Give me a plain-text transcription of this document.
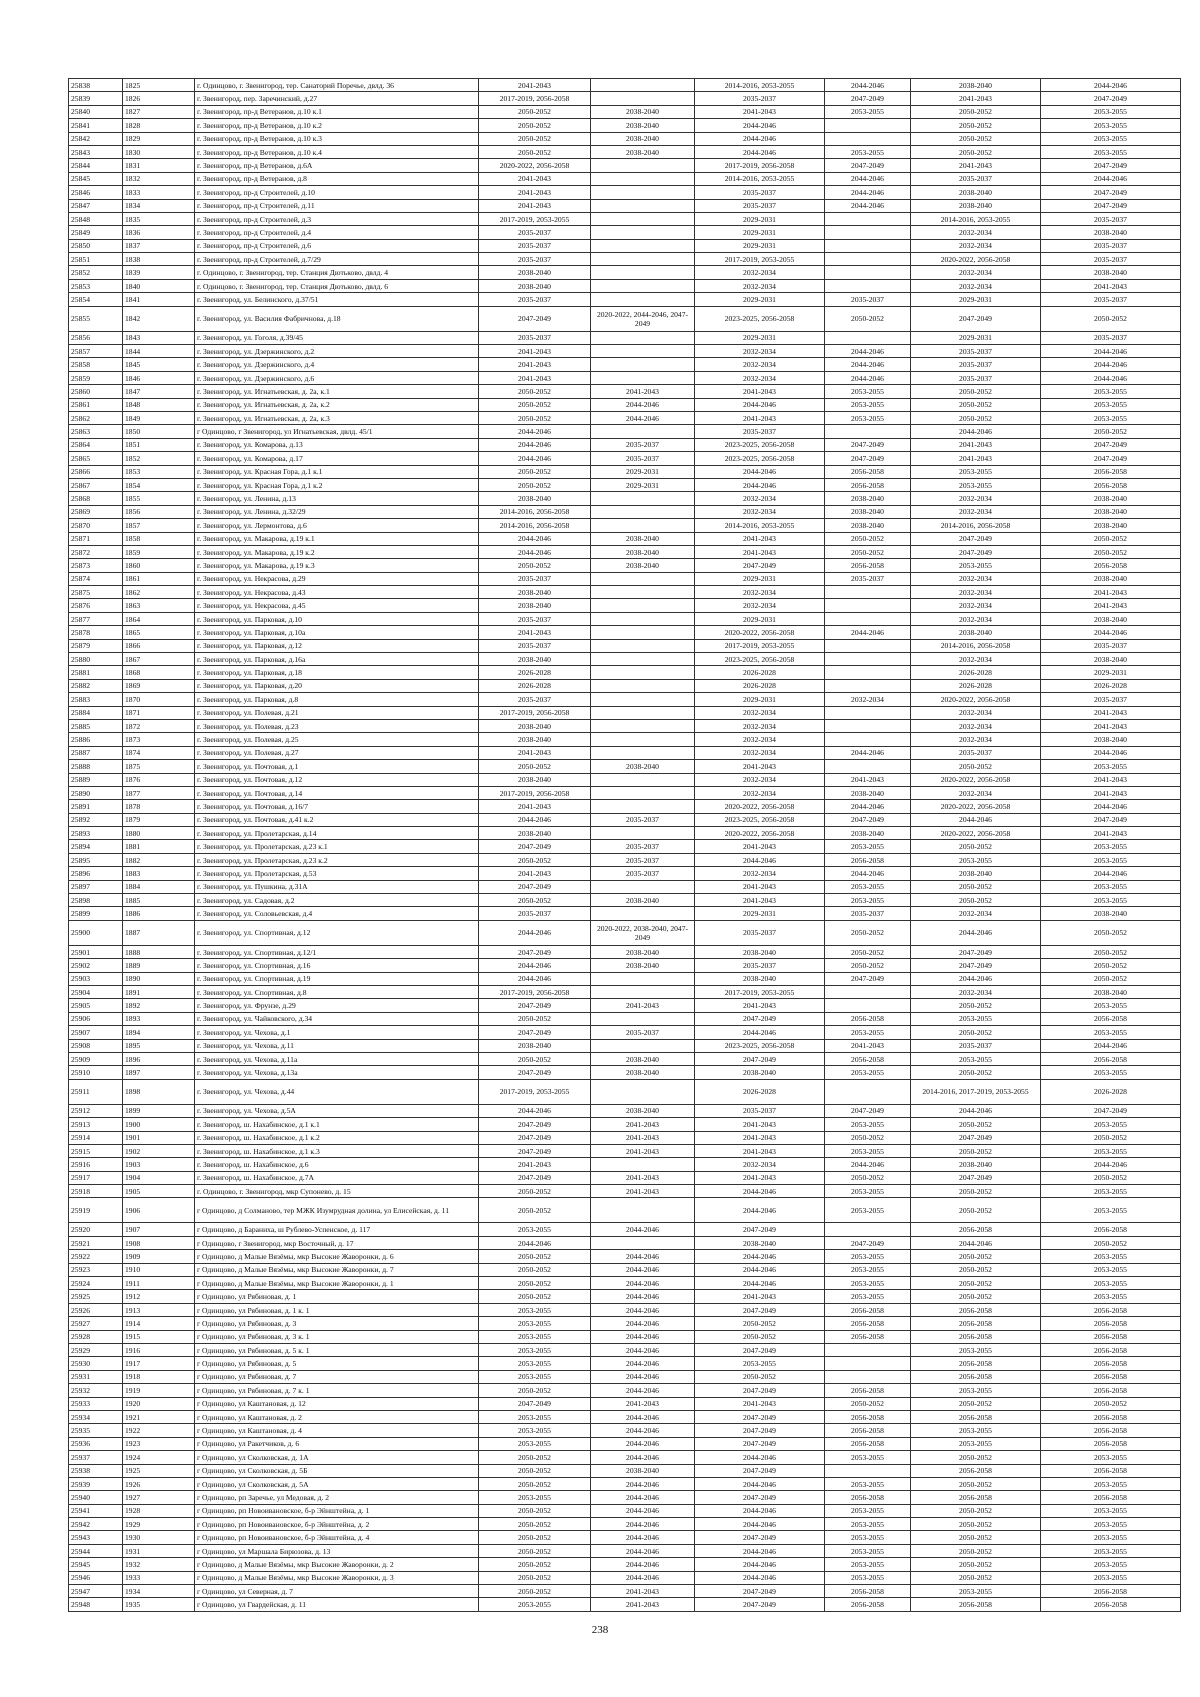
25838	1825	г. Одинцово, г. Звенигород, тер. Санаторий Поречье, двлд. 36	2041-2043		2014-2016, 2053-2055	2044-2046	2038-2040	2044-2046
25839	1826	г. Звенигород, пер. Заречинский, д.27	2017-2019, 2056-2058		2035-2037	2047-2049	2041-2043	2047-2049
25840	1827	г. Звенигород, пр-д Ветеранов, д.10 к.1	2050-2052	2038-2040	2041-2043	2053-2055	2050-2052	2053-2055
25841	1828	г. Звенигород, пр-д Ветеранов, д.10 к.2	2050-2052	2038-2040	2044-2046		2050-2052	2053-2055
25842	1829	г. Звенигород, пр-д Ветеранов, д.10 к.3	2050-2052	2038-2040	2044-2046		2050-2052	2053-2055
25843	1830	г. Звенигород, пр-д Ветеранов, д.10 к.4	2050-2052	2038-2040	2044-2046	2053-2055	2050-2052	2053-2055
25844	1831	г. Звенигород, пр-д Ветеранов, д.6А	2020-2022, 2056-2058		2017-2019, 2056-2058	2047-2049	2041-2043	2047-2049
25845	1832	г. Звенигород, пр-д Ветеранов, д.8	2041-2043		2014-2016, 2053-2055	2044-2046	2035-2037	2044-2046
25846	1833	г. Звенигород, пр-д Строителей, д.10	2041-2043		2035-2037	2044-2046	2038-2040	2047-2049
25847	1834	г. Звенигород, пр-д Строителей, д.11	2041-2043		2035-2037	2044-2046	2038-2040	2047-2049
25848	1835	г. Звенигород, пр-д Строителей, д.3	2017-2019, 2053-2055		2029-2031		2014-2016, 2053-2055	2035-2037
25849	1836	г. Звенигород, пр-д Строителей, д.4	2035-2037		2029-2031		2032-2034	2038-2040
25850	1837	г. Звенигород, пр-д Строителей, д.6	2035-2037		2029-2031		2032-2034	2035-2037
25851	1838	г. Звенигород, пр-д Строителей, д.7/29	2035-2037		2017-2019, 2053-2055		2020-2022, 2056-2058	2035-2037
25852	1839	г. Одинцово, г. Звенигород, тер. Станция Дютьково, двлд. 4	2038-2040		2032-2034		2032-2034	2038-2040
25853	1840	г. Одинцово, г. Звенигород, тер. Станция Дютьково, двлд. 6	2038-2040		2032-2034		2032-2034	2041-2043
25854	1841	г. Звенигород, ул. Белинского, д.37/51	2035-2037		2029-2031	2035-2037	2029-2031	2035-2037
25855	1842	г. Звенигород, ул. Василия Фабричнова, д.18	2047-2049	2020-2022, 2044-2046, 2047-2049	2023-2025, 2056-2058	2050-2052	2047-2049	2050-2052
25856	1843	г. Звенигород, ул. Гоголя, д.39/45	2035-2037		2029-2031		2029-2031	2035-2037
25857	1844	г. Звенигород, ул. Дзержинского, д.2	2041-2043		2032-2034	2044-2046	2035-2037	2044-2046
25858	1845	г. Звенигород, ул. Дзержинского, д.4	2041-2043		2032-2034	2044-2046	2035-2037	2044-2046
25859	1846	г. Звенигород, ул. Дзержинского, д.6	2041-2043		2032-2034	2044-2046	2035-2037	2044-2046
25860	1847	г. Звенигород, ул. Игнатьевская, д. 2а, к.1	2050-2052	2041-2043	2041-2043	2053-2055	2050-2052	2053-2055
25861	1848	г. Звенигород, ул. Игнатьевская, д. 2а, к.2	2050-2052	2044-2046	2044-2046	2053-2055	2050-2052	2053-2055
25862	1849	г. Звенигород, ул. Игнатьевская, д. 2а, к.3	2050-2052	2044-2046	2041-2043	2053-2055	2050-2052	2053-2055
25863	1850	г Одинцово, г Звенигород, ул Игнатьевская, двлд. 45/1	2044-2046		2035-2037		2044-2046	2050-2052
25864	1851	г. Звенигород, ул. Комарова, д.13	2044-2046	2035-2037	2023-2025, 2056-2058	2047-2049	2041-2043	2047-2049
25865	1852	г. Звенигород, ул. Комарова, д.17	2044-2046	2035-2037	2023-2025, 2056-2058	2047-2049	2041-2043	2047-2049
25866	1853	г. Звенигород, ул. Красная Гора, д.1 к.1	2050-2052	2029-2031	2044-2046	2056-2058	2053-2055	2056-2058
25867	1854	г. Звенигород, ул. Красная Гора, д.1 к.2	2050-2052	2029-2031	2044-2046	2056-2058	2053-2055	2056-2058
25868	1855	г. Звенигород, ул. Ленина, д.13	2038-2040		2032-2034	2038-2040	2032-2034	2038-2040
25869	1856	г. Звенигород, ул. Ленина, д.32/29	2014-2016, 2056-2058		2032-2034	2038-2040	2032-2034	2038-2040
25870	1857	г. Звенигород, ул. Лермонтова, д.6	2014-2016, 2056-2058		2014-2016, 2053-2055	2038-2040	2014-2016, 2056-2058	2038-2040
25871	1858	г. Звенигород, ул. Макарова, д.19 к.1	2044-2046	2038-2040	2041-2043	2050-2052	2047-2049	2050-2052
25872	1859	г. Звенигород, ул. Макарова, д.19 к.2	2044-2046	2038-2040	2041-2043	2050-2052	2047-2049	2050-2052
25873	1860	г. Звенигород, ул. Макарова, д.19 к.3	2050-2052	2038-2040	2047-2049	2056-2058	2053-2055	2056-2058
25874	1861	г. Звенигород, ул. Некрасова, д.29	2035-2037		2029-2031	2035-2037	2032-2034	2038-2040
25875	1862	г. Звенигород, ул. Некрасова, д.43	2038-2040		2032-2034		2032-2034	2041-2043
25876	1863	г. Звенигород, ул. Некрасова, д.45	2038-2040		2032-2034		2032-2034	2041-2043
25877	1864	г. Звенигород, ул. Парковая, д.10	2035-2037		2029-2031		2032-2034	2038-2040
25878	1865	г. Звенигород, ул. Парковая, д.10а	2041-2043		2020-2022, 2056-2058	2044-2046	2038-2040	2044-2046
25879	1866	г. Звенигород, ул. Парковая, д.12	2035-2037		2017-2019, 2053-2055		2014-2016, 2056-2058	2035-2037
25880	1867	г. Звенигород, ул. Парковая, д.16а	2038-2040		2023-2025, 2056-2058		2032-2034	2038-2040
25881	1868	г. Звенигород, ул. Парковая, д.18	2026-2028		2026-2028		2026-2028	2029-2031
25882	1869	г. Звенигород, ул. Парковая, д.20	2026-2028		2026-2028		2026-2028	2026-2028
25883	1870	г. Звенигород, ул. Парковая, д.8	2035-2037		2029-2031	2032-2034	2020-2022, 2056-2058	2035-2037
25884	1871	г. Звенигород, ул. Полевая, д.21	2017-2019, 2056-2058		2032-2034		2032-2034	2041-2043
25885	1872	г. Звенигород, ул. Полевая, д.23	2038-2040		2032-2034		2032-2034	2041-2043
25886	1873	г. Звенигород, ул. Полевая, д.25	2038-2040		2032-2034		2032-2034	2038-2040
25887	1874	г. Звенигород, ул. Полевая, д.27	2041-2043		2032-2034	2044-2046	2035-2037	2044-2046
25888	1875	г. Звенигород, ул. Почтовая, д.1	2050-2052	2038-2040	2041-2043		2050-2052	2053-2055
25889	1876	г. Звенигород, ул. Почтовая, д.12	2038-2040		2032-2034	2041-2043	2020-2022, 2056-2058	2041-2043
25890	1877	г. Звенигород, ул. Почтовая, д.14	2017-2019, 2056-2058		2032-2034	2038-2040	2032-2034	2041-2043
25891	1878	г. Звенигород, ул. Почтовая, д.16/7	2041-2043		2020-2022, 2056-2058	2044-2046	2020-2022, 2056-2058	2044-2046
25892	1879	г. Звенигород, ул. Почтовая, д.41 к.2	2044-2046	2035-2037	2023-2025, 2056-2058	2047-2049	2044-2046	2047-2049
25893	1880	г. Звенигород, ул. Пролетарская, д.14	2038-2040		2020-2022, 2056-2058	2038-2040	2020-2022, 2056-2058	2041-2043
25894	1881	г. Звенигород, ул. Пролетарская, д.23 к.1	2047-2049	2035-2037	2041-2043	2053-2055	2050-2052	2053-2055
25895	1882	г. Звенигород, ул. Пролетарская, д.23 к.2	2050-2052	2035-2037	2044-2046	2056-2058	2053-2055	2053-2055
25896	1883	г. Звенигород, ул. Пролетарская, д.53	2041-2043	2035-2037	2032-2034	2044-2046	2038-2040	2044-2046
25897	1884	г. Звенигород, ул. Пушкина, д.31А	2047-2049		2041-2043	2053-2055	2050-2052	2053-2055
25898	1885	г. Звенигород, ул. Садовая, д.2	2050-2052	2038-2040	2041-2043	2053-2055	2050-2052	2053-2055
25899	1886	г. Звенигород, ул. Соловьевская, д.4	2035-2037		2029-2031	2035-2037	2032-2034	2038-2040
25900	1887	г. Звенигород, ул. Спортивная, д.12	2044-2046	2020-2022, 2038-2040, 2047-2049	2035-2037	2050-2052	2044-2046	2050-2052
25901	1888	г. Звенигород, ул. Спортивная, д.12/1	2047-2049	2038-2040	2038-2040	2050-2052	2047-2049	2050-2052
25902	1889	г. Звенигород, ул. Спортивная, д.16	2044-2046	2038-2040	2035-2037	2050-2052	2047-2049	2050-2052
25903	1890	г. Звенигород, ул. Спортивная, д.19	2044-2046		2038-2040	2047-2049	2044-2046	2050-2052
25904	1891	г. Звенигород, ул. Спортивная, д.8	2017-2019, 2056-2058		2017-2019, 2053-2055		2032-2034	2038-2040
25905	1892	г. Звенигород, ул. Фрунзе, д.29	2047-2049	2041-2043	2041-2043		2050-2052	2053-2055
25906	1893	г. Звенигород, ул. Чайковского, д.34	2050-2052		2047-2049	2056-2058	2053-2055	2056-2058
25907	1894	г. Звенигород, ул. Чехова, д.1	2047-2049	2035-2037	2044-2046	2053-2055	2050-2052	2053-2055
25908	1895	г. Звенигород, ул. Чехова, д.11	2038-2040		2023-2025, 2056-2058	2041-2043	2035-2037	2044-2046
25909	1896	г. Звенигород, ул. Чехова, д.11а	2050-2052	2038-2040	2047-2049	2056-2058	2053-2055	2056-2058
25910	1897	г. Звенигород, ул. Чехова, д.13а	2047-2049	2038-2040	2038-2040	2053-2055	2050-2052	2053-2055
25911	1898	г. Звенигород, ул. Чехова, д.44	2017-2019, 2053-2055		2026-2028		2014-2016, 2017-2019, 2053-2055	2026-2028
25912	1899	г. Звенигород, ул. Чехова, д.5А	2044-2046	2038-2040	2035-2037	2047-2049	2044-2046	2047-2049
25913	1900	г. Звенигород, ш. Нахабинское, д.1 к.1	2047-2049	2041-2043	2041-2043	2053-2055	2050-2052	2053-2055
25914	1901	г. Звенигород, ш. Нахабинское, д.1 к.2	2047-2049	2041-2043	2041-2043	2050-2052	2047-2049	2050-2052
25915	1902	г. Звенигород, ш. Нахабинское, д.1 к.3	2047-2049	2041-2043	2041-2043	2053-2055	2050-2052	2053-2055
25916	1903	г. Звенигород, ш. Нахабинское, д.6	2041-2043		2032-2034	2044-2046	2038-2040	2044-2046
25917	1904	г. Звенигород, ш. Нахабинское, д.7А	2047-2049	2041-2043	2041-2043	2050-2052	2047-2049	2050-2052
25918	1905	г. Одинцово, г. Звенигород, мкр Супонево, д. 15	2050-2052	2041-2043	2044-2046	2053-2055	2050-2052	2053-2055
25919	1906	г Одинцово, д Солманово, тер МЖК Изумрудная долина, ул Елисейская, д. 11	2050-2052		2044-2046	2053-2055	2050-2052	2053-2055
25920	1907	г Одинцово, д Бараниха, ш Рублево-Успенское, д. 117	2053-2055	2044-2046	2047-2049		2056-2058	2056-2058
25921	1908	г Одинцово, г Звенигород, мкр Восточный, д. 17	2044-2046		2038-2040	2047-2049	2044-2046	2050-2052
25922	1909	г Одинцово, д Малые Вязёмы, мкр Высокие Жаворонки, д. 6	2050-2052	2044-2046	2044-2046	2053-2055	2050-2052	2053-2055
25923	1910	г Одинцово, д Малые Вязёмы, мкр Высокие Жаворонки, д. 7	2050-2052	2044-2046	2044-2046	2053-2055	2050-2052	2053-2055
25924	1911	г Одинцово, д Малые Вязёмы, мкр Высокие Жаворонки, д. 1	2050-2052	2044-2046	2044-2046	2053-2055	2050-2052	2053-2055
25925	1912	г Одинцово, ул Рябиновая, д. 1	2050-2052	2044-2046	2041-2043	2053-2055	2050-2052	2053-2055
25926	1913	г Одинцово, ул Рябиновая, д. 1 к. 1	2053-2055	2044-2046	2047-2049	2056-2058	2056-2058	2056-2058
25927	1914	г Одинцово, ул Рябиновая, д. 3	2053-2055	2044-2046	2050-2052	2056-2058	2056-2058	2056-2058
25928	1915	г Одинцово, ул Рябиновая, д. 3 к. 1	2053-2055	2044-2046	2050-2052	2056-2058	2056-2058	2056-2058
25929	1916	г Одинцово, ул Рябиновая, д. 5 к. 1	2053-2055	2044-2046	2047-2049		2053-2055	2056-2058
25930	1917	г Одинцово, ул Рябиновая, д. 5	2053-2055	2044-2046	2053-2055		2056-2058	2056-2058
25931	1918	г Одинцово, ул Рябиновая, д. 7	2053-2055	2044-2046	2050-2052		2056-2058	2056-2058
25932	1919	г Одинцово, ул Рябиновая, д. 7 к. 1	2050-2052	2044-2046	2047-2049	2056-2058	2053-2055	2056-2058
25933	1920	г Одинцово, ул Каштановая, д. 12	2047-2049	2041-2043	2041-2043	2050-2052	2050-2052	2050-2052
25934	1921	г Одинцово, ул Каштановая, д. 2	2053-2055	2044-2046	2047-2049	2056-2058	2056-2058	2056-2058
25935	1922	г Одинцово, ул Каштановая, д. 4	2053-2055	2044-2046	2047-2049	2056-2058	2053-2055	2056-2058
25936	1923	г Одинцово, ул Ракетчиков, д. 6	2053-2055	2044-2046	2047-2049	2056-2058	2053-2055	2056-2058
25937	1924	г Одинцово, ул Сколковская, д. 1А	2050-2052	2044-2046	2044-2046	2053-2055	2050-2052	2053-2055
25938	1925	г Одинцово, ул Сколковская, д. 5Б	2050-2052	2038-2040	2047-2049		2056-2058	2056-2058
25939	1926	г Одинцово, ул Сколковская, д. 5А	2050-2052	2044-2046	2044-2046	2053-2055	2050-2052	2053-2055
25940	1927	г Одинцово, рп Заречье, ул Медовая, д. 2	2053-2055	2044-2046	2047-2049	2056-2058	2056-2058	2056-2058
25941	1928	г Одинцово, рп Новоивановское, б-р Эйнштейна, д. 1	2050-2052	2044-2046	2044-2046	2053-2055	2050-2052	2053-2055
25942	1929	г Одинцово, рп Новоивановское, б-р Эйнштейна, д. 2	2050-2052	2044-2046	2044-2046	2053-2055	2050-2052	2053-2055
25943	1930	г Одинцово, рп Новоивановское, б-р Эйнштейна, д. 4	2050-2052	2044-2046	2047-2049	2053-2055	2050-2052	2053-2055
25944	1931	г Одинцово, ул Маршала Бирюзова, д. 13	2050-2052	2044-2046	2044-2046	2053-2055	2050-2052	2053-2055
25945	1932	г Одинцово, д Малые Вязёмы, мкр Высокие Жаворонки, д. 2	2050-2052	2044-2046	2044-2046	2053-2055	2050-2052	2053-2055
25946	1933	г Одинцово, д Малые Вязёмы, мкр Высокие Жаворонки, д. 3	2050-2052	2044-2046	2044-2046	2053-2055	2050-2052	2053-2055
25947	1934	г Одинцово, ул Северная, д. 7	2050-2052	2041-2043	2047-2049	2056-2058	2053-2055	2056-2058
25948	1935	г Одинцово, ул Гвардейская, д. 11	2053-2055	2041-2043	2047-2049	2056-2058	2056-2058	2056-2058
238
